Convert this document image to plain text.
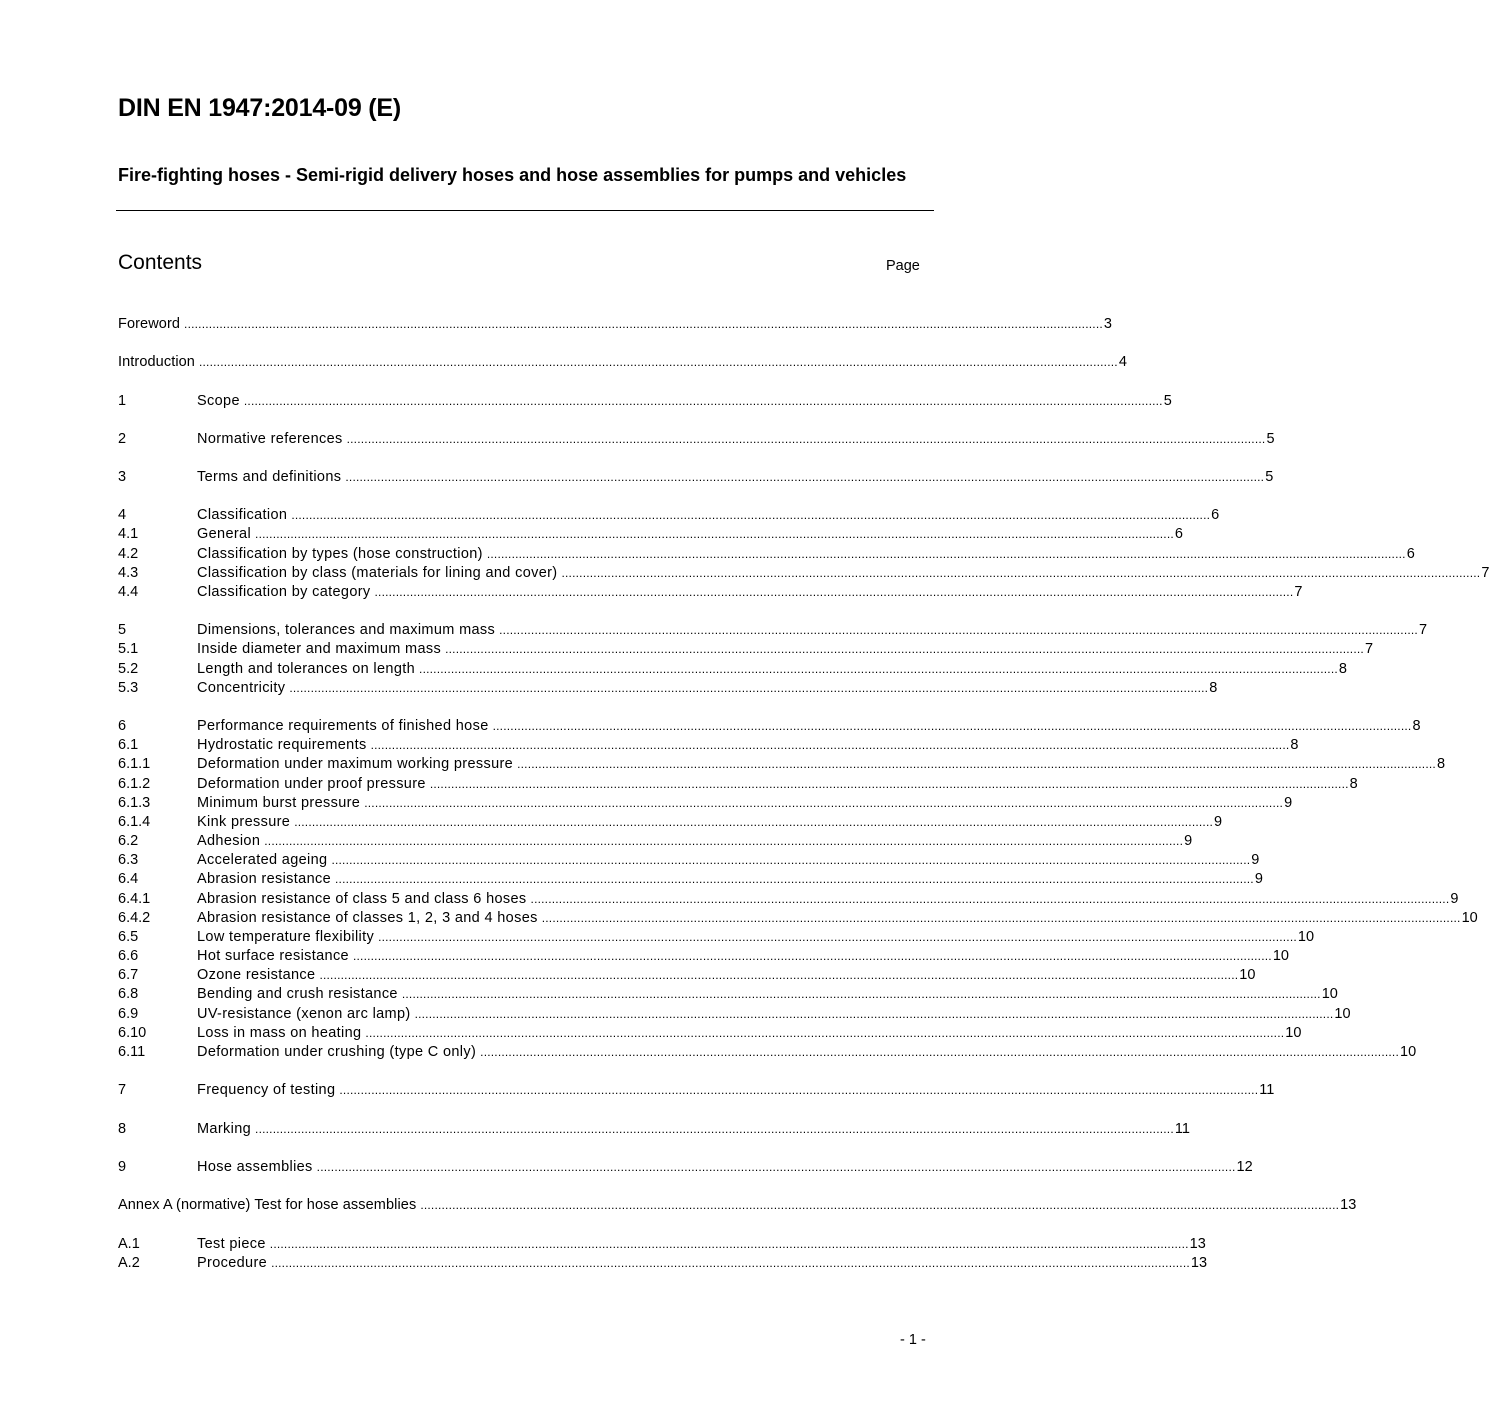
DIN EN 1947:2014-09 (E)
Fire-fighting hoses - Semi-rigid delivery hoses and hose assemblies for pumps and vehicles
Contents	Page
Foreword .................................................................................................................................................................................................................................................................... 3
Introduction .................................................................................................................................................................................................................................................................... 4
1	Scope .................................................................................................................................................................................................................................................................... 5
2	Normative references .................................................................................................................................................................................................................................................................... 5
3	Terms and definitions .................................................................................................................................................................................................................................................................... 5
4	Classification .................................................................................................................................................................................................................................................................... 6
4.1	General .................................................................................................................................................................................................................................................................... 6
4.2	Classification by types (hose construction) .................................................................................................................................................................................................................................................................... 6
4.3	Classification by class (materials for lining and cover) .................................................................................................................................................................................................................................................................... 7
4.4	Classification by category .................................................................................................................................................................................................................................................................... 7
5	Dimensions, tolerances and maximum mass .................................................................................................................................................................................................................................................................... 7
5.1	Inside diameter and maximum mass .................................................................................................................................................................................................................................................................... 7
5.2	Length and tolerances on length .................................................................................................................................................................................................................................................................... 8
5.3	Concentricity .................................................................................................................................................................................................................................................................... 8
6	Performance requirements of finished hose .................................................................................................................................................................................................................................................................... 8
6.1	Hydrostatic requirements .................................................................................................................................................................................................................................................................... 8
6.1.1	Deformation under maximum working pressure .................................................................................................................................................................................................................................................................... 8
6.1.2	Deformation under proof pressure .................................................................................................................................................................................................................................................................... 8
6.1.3	Minimum burst pressure .................................................................................................................................................................................................................................................................... 9
6.1.4	Kink pressure .................................................................................................................................................................................................................................................................... 9
6.2	Adhesion .................................................................................................................................................................................................................................................................... 9
6.3	Accelerated ageing .................................................................................................................................................................................................................................................................... 9
6.4	Abrasion resistance .................................................................................................................................................................................................................................................................... 9
6.4.1	Abrasion resistance of class 5 and class 6 hoses .................................................................................................................................................................................................................................................................... 9
6.4.2	Abrasion resistance of classes 1, 2, 3 and 4 hoses .................................................................................................................................................................................................................................................................... 10
6.5	Low temperature flexibility .................................................................................................................................................................................................................................................................... 10
6.6	Hot surface resistance .................................................................................................................................................................................................................................................................... 10
6.7	Ozone resistance .................................................................................................................................................................................................................................................................... 10
6.8	Bending and crush resistance .................................................................................................................................................................................................................................................................... 10
6.9	UV-resistance (xenon arc lamp) .................................................................................................................................................................................................................................................................... 10
6.10	Loss in mass on heating .................................................................................................................................................................................................................................................................... 10
6.11	Deformation under crushing (type C only) .................................................................................................................................................................................................................................................................... 10
7	Frequency of testing .................................................................................................................................................................................................................................................................... 11
8	Marking .................................................................................................................................................................................................................................................................... 11
9	Hose assemblies .................................................................................................................................................................................................................................................................... 12
Annex A (normative) Test for hose assemblies .................................................................................................................................................................................................................................................................... 13
A.1	Test piece .................................................................................................................................................................................................................................................................... 13
A.2	Procedure .................................................................................................................................................................................................................................................................... 13
- 1 -
